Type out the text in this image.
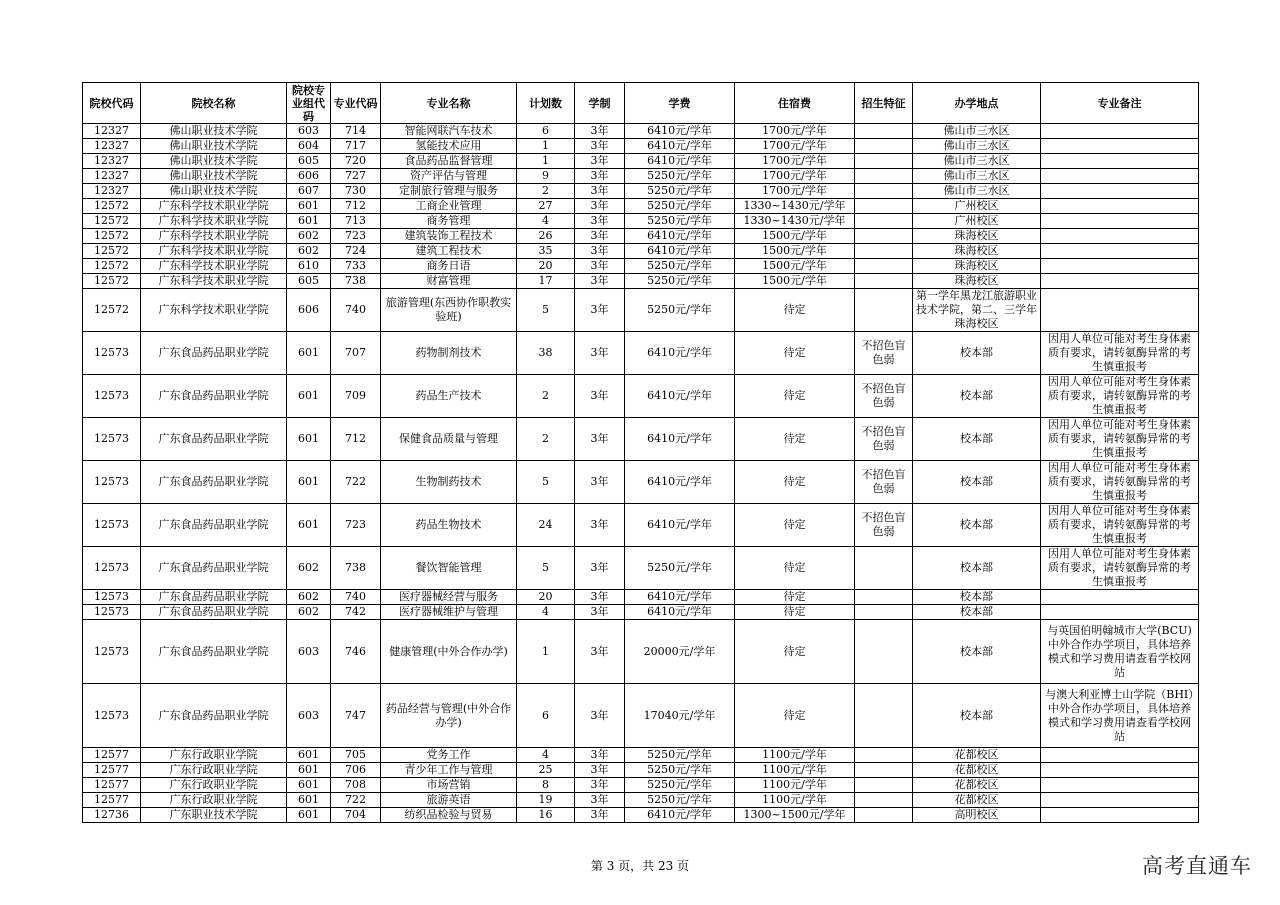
院校代码	院校名称	院校专业组代码	专业代码	专业名称	计划数	学制	学费	住宿费	招生特征	办学地点	专业备注
12327	佛山职业技术学院	603	714	智能网联汽车技术	6	3年	6410元/学年	1700元/学年		佛山市三水区	
12327	佛山职业技术学院	604	717	氢能技术应用	1	3年	6410元/学年	1700元/学年		佛山市三水区	
12327	佛山职业技术学院	605	720	食品药品监督管理	1	3年	6410元/学年	1700元/学年		佛山市三水区	
12327	佛山职业技术学院	606	727	资产评估与管理	9	3年	5250元/学年	1700元/学年		佛山市三水区	
12327	佛山职业技术学院	607	730	定制旅行管理与服务	2	3年	5250元/学年	1700元/学年		佛山市三水区	
12572	广东科学技术职业学院	601	712	工商企业管理	27	3年	5250元/学年	1330~1430元/学年		广州校区	
12572	广东科学技术职业学院	601	713	商务管理	4	3年	5250元/学年	1330~1430元/学年		广州校区	
12572	广东科学技术职业学院	602	723	建筑装饰工程技术	26	3年	6410元/学年	1500元/学年		珠海校区	
12572	广东科学技术职业学院	602	724	建筑工程技术	35	3年	6410元/学年	1500元/学年		珠海校区	
12572	广东科学技术职业学院	610	733	商务日语	20	3年	5250元/学年	1500元/学年		珠海校区	
12572	广东科学技术职业学院	605	738	财富管理	17	3年	5250元/学年	1500元/学年		珠海校区	
12572	广东科学技术职业学院	606	740	旅游管理(东西协作职教实验班)	5	3年	5250元/学年	待定		第一学年黑龙江旅游职业技术学院，第二、三学年珠海校区	
12573	广东食品药品职业学院	601	707	药物制剂技术	38	3年	6410元/学年	待定	不招色盲色弱	校本部	因用人单位可能对考生身体素质有要求，请转氨酶异常的考生慎重报考
12573	广东食品药品职业学院	601	709	药品生产技术	2	3年	6410元/学年	待定	不招色盲色弱	校本部	因用人单位可能对考生身体素质有要求，请转氨酶异常的考生慎重报考
12573	广东食品药品职业学院	601	712	保健食品质量与管理	2	3年	6410元/学年	待定	不招色盲色弱	校本部	因用人单位可能对考生身体素质有要求，请转氨酶异常的考生慎重报考
12573	广东食品药品职业学院	601	722	生物制药技术	5	3年	6410元/学年	待定	不招色盲色弱	校本部	因用人单位可能对考生身体素质有要求，请转氨酶异常的考生慎重报考
12573	广东食品药品职业学院	601	723	药品生物技术	24	3年	6410元/学年	待定	不招色盲色弱	校本部	因用人单位可能对考生身体素质有要求，请转氨酶异常的考生慎重报考
12573	广东食品药品职业学院	602	738	餐饮智能管理	5	3年	5250元/学年	待定		校本部	因用人单位可能对考生身体素质有要求，请转氨酶异常的考生慎重报考
12573	广东食品药品职业学院	602	740	医疗器械经营与服务	20	3年	6410元/学年	待定		校本部	
12573	广东食品药品职业学院	602	742	医疗器械维护与管理	4	3年	6410元/学年	待定		校本部	
12573	广东食品药品职业学院	603	746	健康管理(中外合作办学)	1	3年	20000元/学年	待定		校本部	与英国伯明翰城市大学(BCU)中外合作办学项目，具体培养模式和学习费用请查看学校网站
12573	广东食品药品职业学院	603	747	药品经营与管理(中外合作办学)	6	3年	17040元/学年	待定		校本部	与澳大利亚博士山学院（BHI）中外合作办学项目，具体培养模式和学习费用请查看学校网站
12577	广东行政职业学院	601	705	党务工作	4	3年	5250元/学年	1100元/学年		花都校区	
12577	广东行政职业学院	601	706	青少年工作与管理	25	3年	5250元/学年	1100元/学年		花都校区	
12577	广东行政职业学院	601	708	市场营销	8	3年	5250元/学年	1100元/学年		花都校区	
12577	广东行政职业学院	601	722	旅游英语	19	3年	5250元/学年	1100元/学年		花都校区	
12736	广东职业技术学院	601	704	纺织品检验与贸易	16	3年	6410元/学年	1300~1500元/学年		高明校区	
第 3 页，共 23 页	高考直通车
